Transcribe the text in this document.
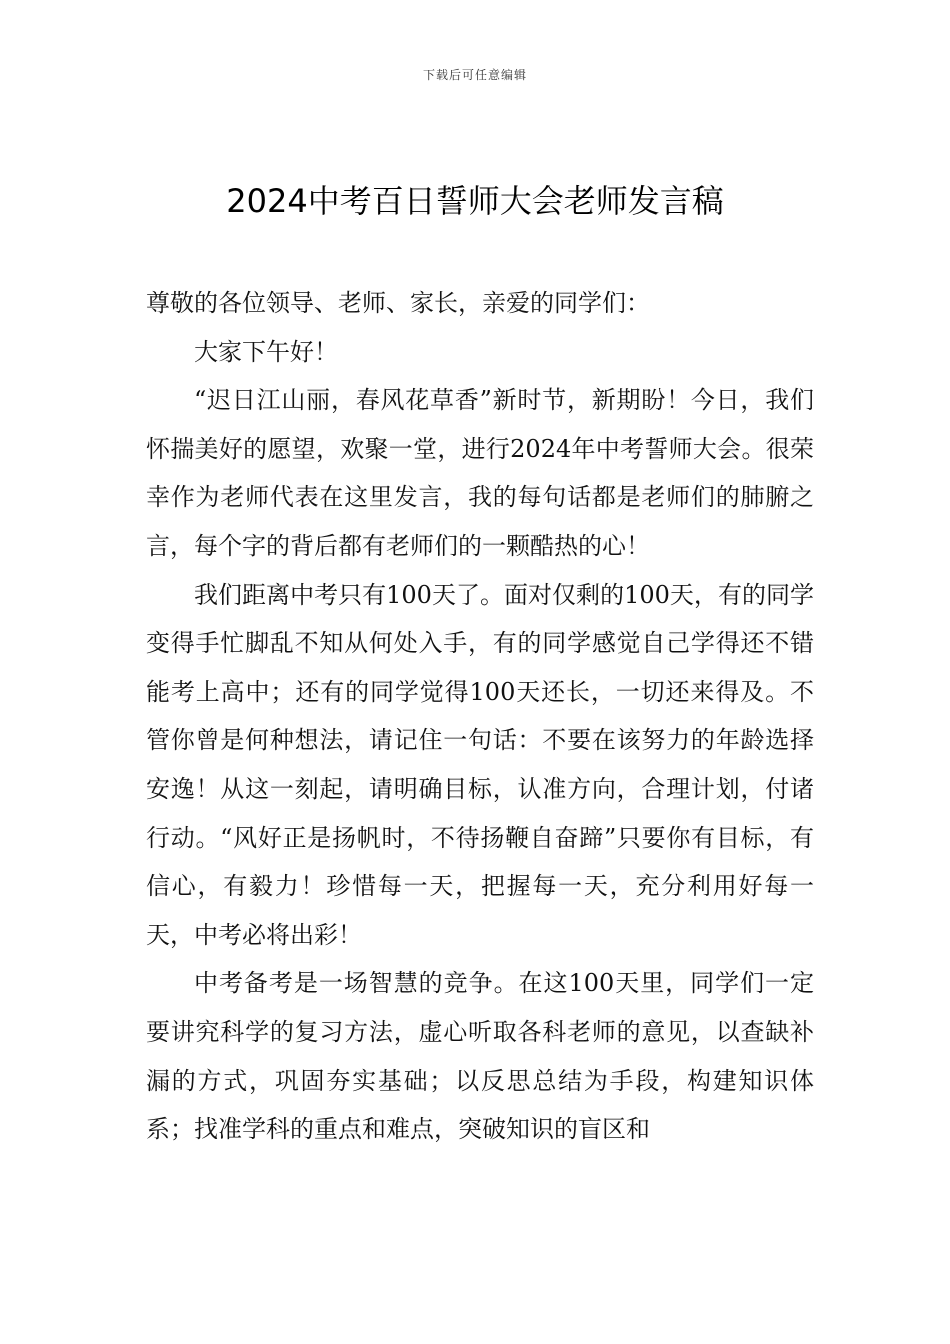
下载后可任意编辑
2024中考百日誓师大会老师发言稿

尊敬的各位领导、老师、家长，亲爱的同学们：

大家下午好！

“迟日江山丽，春风花草香”新时节，新期盼！今日，我们怀揣美好的愿望，欢聚一堂，进行2024年中考誓师大会。很荣幸作为老师代表在这里发言，我的每句话都是老师们的肺腑之言，每个字的背后都有老师们的一颗酷热的心！

我们距离中考只有100天了。面对仅剩的100天，有的同学变得手忙脚乱不知从何处入手，有的同学感觉自己学得还不错能考上高中；还有的同学觉得100天还长，一切还来得及。不管你曾是何种想法，请记住一句话：不要在该努力的年龄选择安逸！从这一刻起，请明确目标，认准方向，合理计划，付诸行动。“风好正是扬帆时，不待扬鞭自奋蹄”只要你有目标，有信心，有毅力！珍惜每一天，把握每一天，充分利用好每一天，中考必将出彩！

中考备考是一场智慧的竞争。在这100天里，同学们一定要讲究科学的复习方法，虚心听取各科老师的意见，以查缺补漏的方式，巩固夯实基础；以反思总结为手段，构建知识体系；找准学科的重点和难点，突破知识的盲区和
